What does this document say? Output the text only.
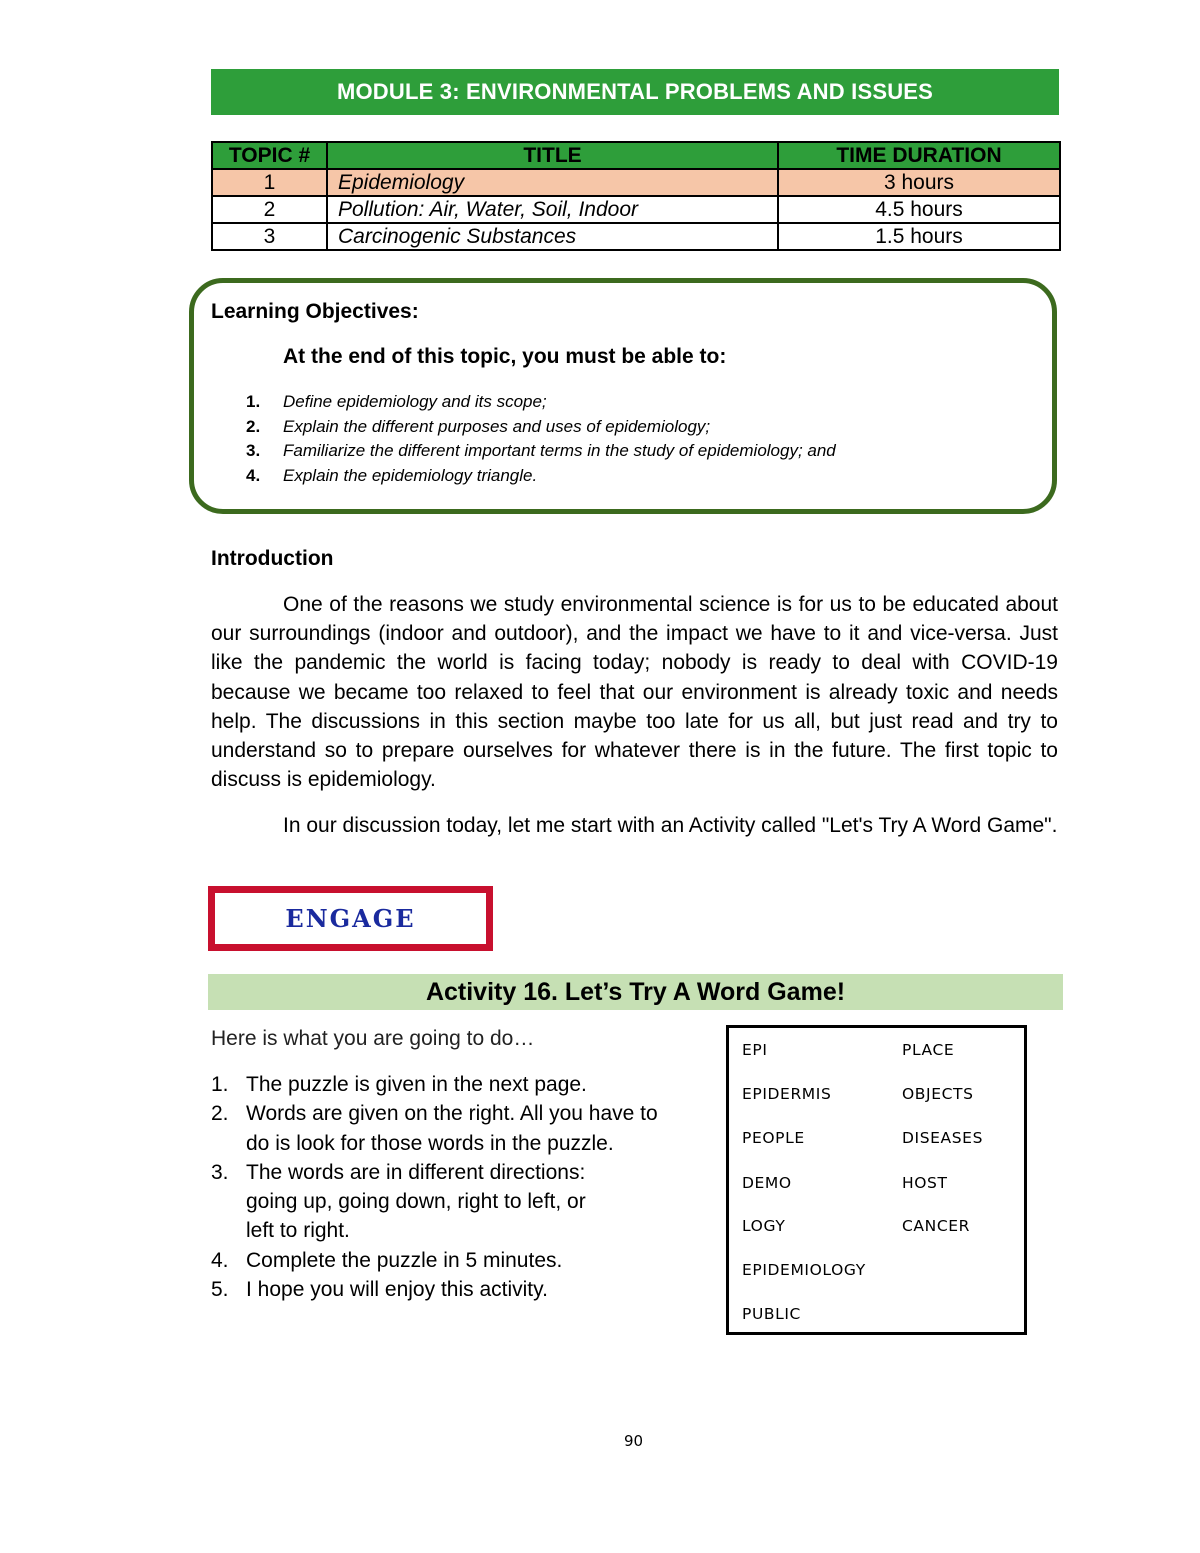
MODULE 3: ENVIRONMENTAL PROBLEMS AND ISSUES
TOPIC #	TITLE	TIME DURATION
1	Epidemiology	3 hours
2	Pollution: Air, Water, Soil, Indoor	4.5 hours
3	Carcinogenic Substances	1.5 hours
Learning Objectives:
At the end of this topic, you must be able to:
1. Define epidemiology and its scope;
2. Explain the different purposes and uses of epidemiology;
3. Familiarize the different important terms in the study of epidemiology; and
4. Explain the epidemiology triangle.
Introduction

One of the reasons we study environmental science is for us to be educated about our surroundings (indoor and outdoor), and the impact we have to it and vice-versa. Just like the pandemic the world is facing today; nobody is ready to deal with COVID-19 because we became too relaxed to feel that our environment is already toxic and needs help. The discussions in this section maybe too late for us all, but just read and try to understand so to prepare ourselves for whatever there is in the future. The first topic to discuss is epidemiology.

In our discussion today, let me start with an Activity called "Let's Try A Word Game".

ENGAGE
Activity 16. Let’s Try A Word Game!
Here is what you are going to do…
1. The puzzle is given in the next page.
2. Words are given on the right. All you have to
do is look for those words in the puzzle.
3. The words are in different directions:
going up, going down, right to left, or
left to right.
4. Complete the puzzle in 5 minutes.
5. I hope you will enjoy this activity.
EPI
EPIDERMIS
PEOPLE
DEMO
LOGY
EPIDEMIOLOGY
PUBLIC
PLACE
OBJECTS
DISEASES
HOST
CANCER
90
